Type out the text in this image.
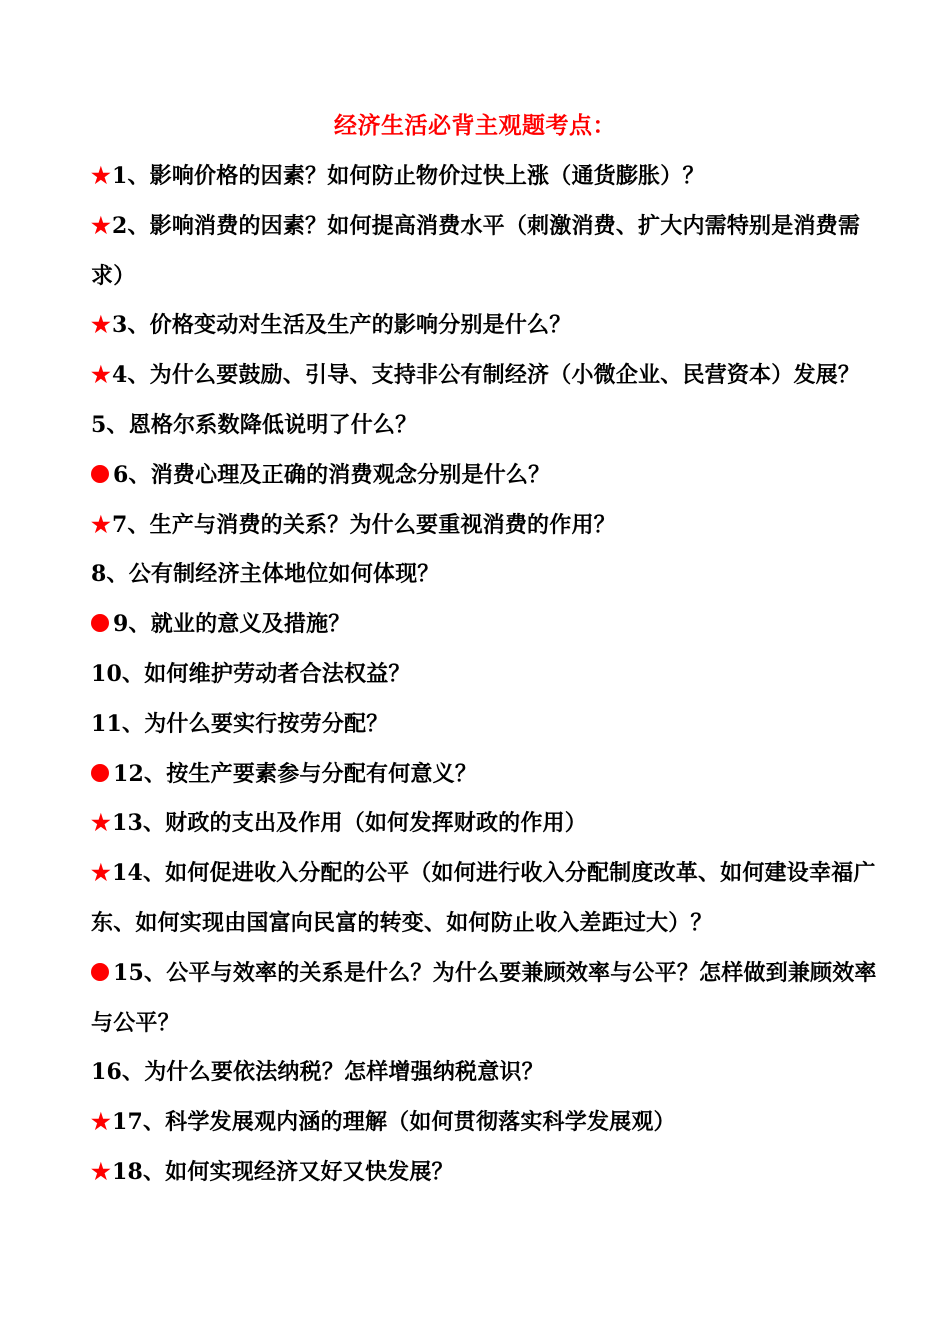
经济生活必背主观题考点：
★1、影响价格的因素？如何防止物价过快上涨（通货膨胀）？
★2、影响消费的因素？如何提高消费水平（刺激消费、扩大内需特别是消费需求）
★3、价格变动对生活及生产的影响分别是什么？
★4、为什么要鼓励、引导、支持非公有制经济（小微企业、民营资本）发展？
5、恩格尔系数降低说明了什么？
6、消费心理及正确的消费观念分别是什么？
★7、生产与消费的关系？为什么要重视消费的作用？
8、公有制经济主体地位如何体现？
9、就业的意义及措施？
10、如何维护劳动者合法权益？
11、为什么要实行按劳分配？
12、按生产要素参与分配有何意义？
★13、财政的支出及作用（如何发挥财政的作用）
★14、如何促进收入分配的公平（如何进行收入分配制度改革、如何建设幸福广东、如何实现由国富向民富的转变、如何防止收入差距过大）？
15、公平与效率的关系是什么？为什么要兼顾效率与公平？怎样做到兼顾效率与公平？
16、为什么要依法纳税？怎样增强纳税意识？
★17、科学发展观内涵的理解（如何贯彻落实科学发展观）
★18、如何实现经济又好又快发展？
